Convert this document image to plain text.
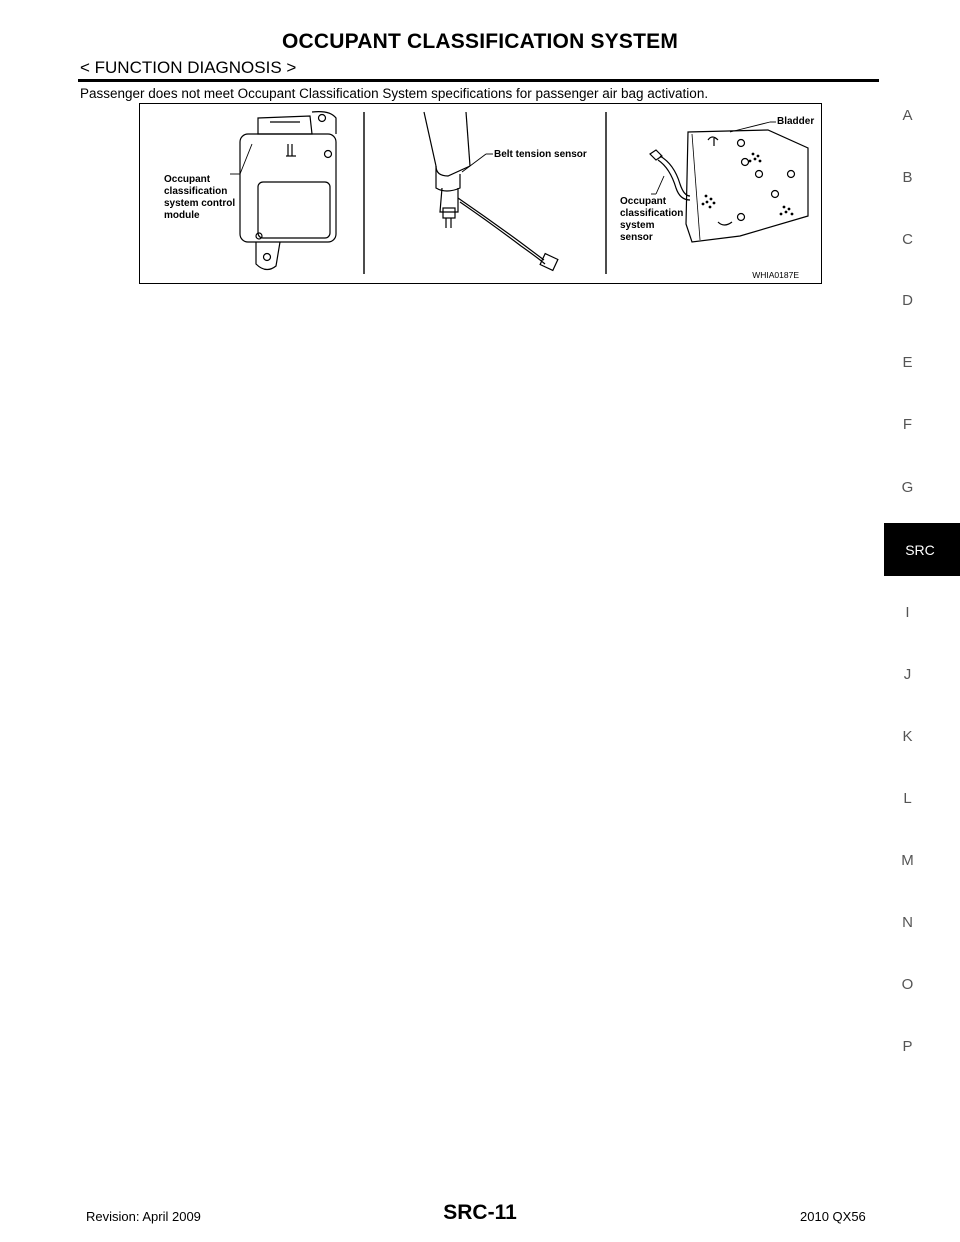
OCCUPANT CLASSIFICATION SYSTEM
< FUNCTION DIAGNOSIS >
Passenger does not meet Occupant Classification System specifications for passenger air bag activation.
Occupant
classification
system control
module
Belt tension sensor
Bladder
Occupant
classification
system
sensor
WHIA0187E
A
B
C
D
E
F
G
SRC
I
J
K
L
M
N
O
P
Revision: April 2009	SRC-11	2010 QX56
